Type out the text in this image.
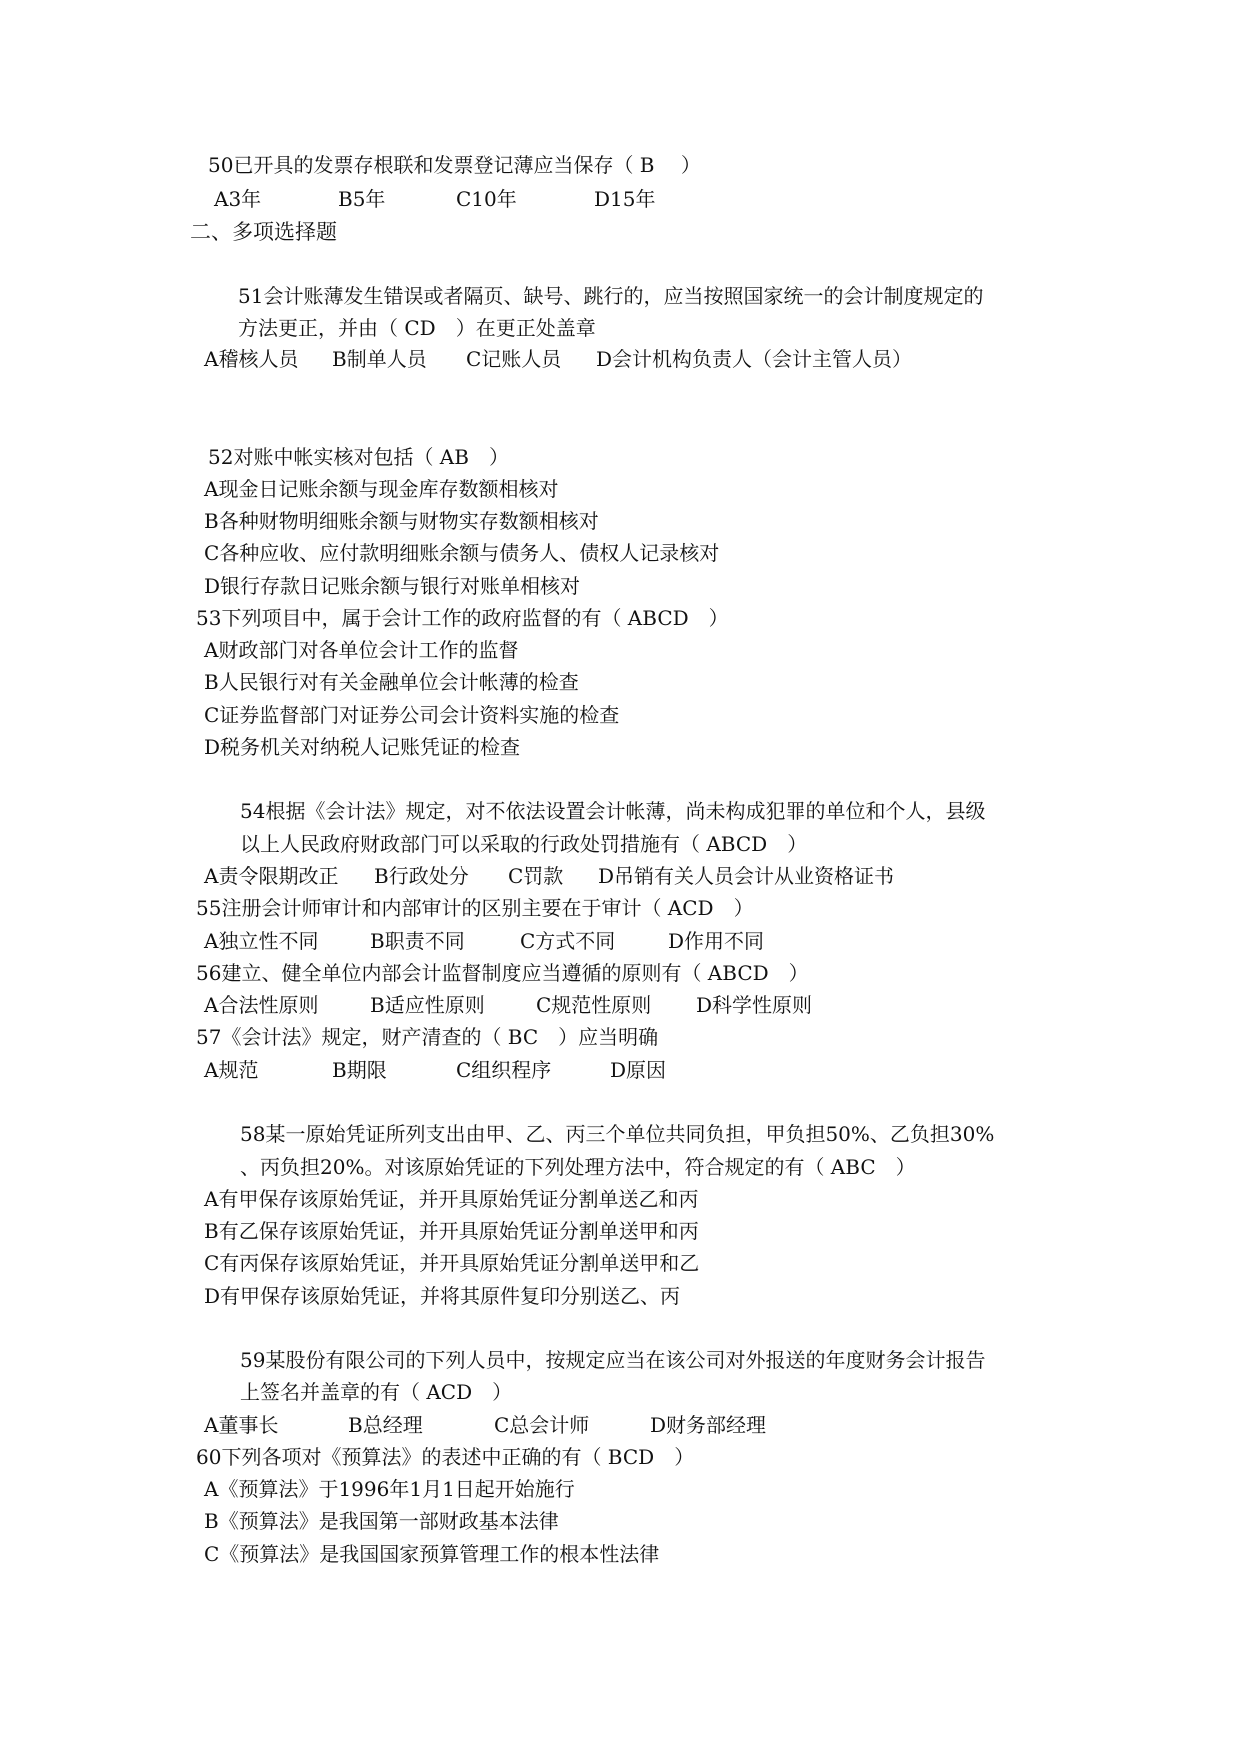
50已开具的发票存根联和发票登记薄应当保存（ B　 ）
A3年	B5年	C10年	D15年
二、多项选择题
51会计账薄发生错误或者隔页、缺号、跳行的，应当按照国家统一的会计制度规定的
方法更正，并由（ CD　）在更正处盖章
A稽核人员 B制单人员 C记账人员 D会计机构负责人（会计主管人员）
52对账中帐实核对包括（ AB　）
A现金日记账余额与现金库存数额相核对
B各种财物明细账余额与财物实存数额相核对
C各种应收、应付款明细账余额与债务人、债权人记录核对
D银行存款日记账余额与银行对账单相核对
53下列项目中，属于会计工作的政府监督的有（ ABCD　）
A财政部门对各单位会计工作的监督
B人民银行对有关金融单位会计帐薄的检查
C证券监督部门对证券公司会计资料实施的检查
D税务机关对纳税人记账凭证的检查
54根据《会计法》规定，对不依法设置会计帐薄，尚未构成犯罪的单位和个人，县级
以上人民政府财政部门可以采取的行政处罚措施有（ ABCD　）
A责令限期改正 B行政处分 C罚款 D吊销有关人员会计从业资格证书
55注册会计师审计和内部审计的区别主要在于审计（ ACD　）
A独立性不同	B职责不同	C方式不同	D作用不同
56建立、健全单位内部会计监督制度应当遵循的原则有（ ABCD　）
A合法性原则	B适应性原则	C规范性原则 D科学性原则
57《会计法》规定，财产清查的（ BC　）应当明确
A规范	B期限	C组织程序	D原因
58某一原始凭证所列支出由甲、乙、丙三个单位共同负担，甲负担50%、乙负担30%
、丙负担20%。对该原始凭证的下列处理方法中，符合规定的有（ ABC　）
A有甲保存该原始凭证，并开具原始凭证分割单送乙和丙
B有乙保存该原始凭证，并开具原始凭证分割单送甲和丙
C有丙保存该原始凭证，并开具原始凭证分割单送甲和乙
D有甲保存该原始凭证，并将其原件复印分别送乙、丙
59某股份有限公司的下列人员中，按规定应当在该公司对外报送的年度财务会计报告
上签名并盖章的有（ ACD　）
A董事长	B总经理	C总会计师	D财务部经理
60下列各项对《预算法》的表述中正确的有（ BCD　）
A《预算法》于1996年1月1日起开始施行
B《预算法》是我国第一部财政基本法律
C《预算法》是我国国家预算管理工作的根本性法律
